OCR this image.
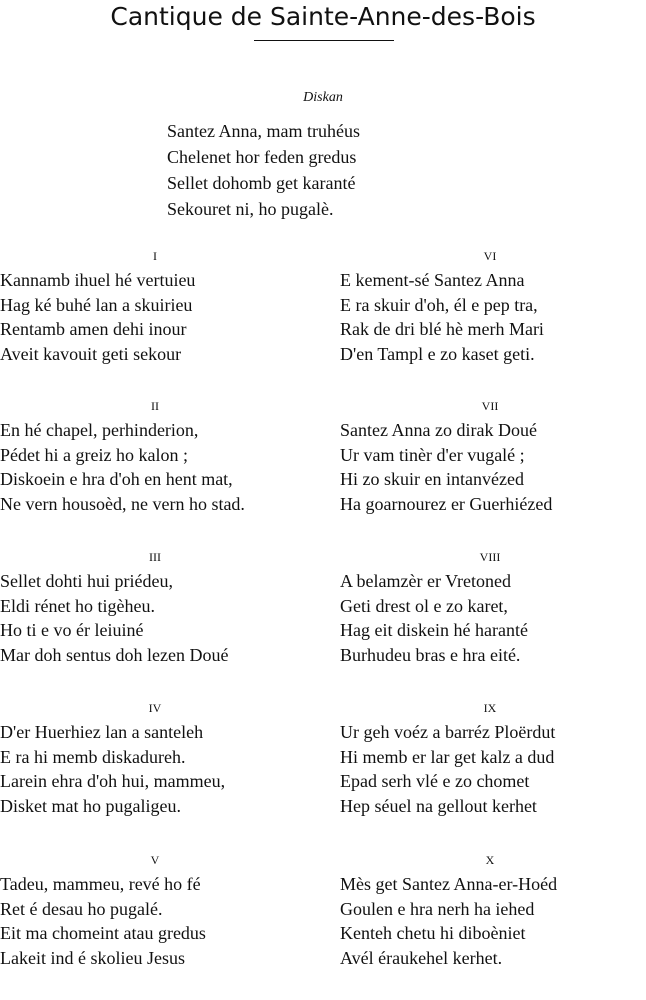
Cantique de Sainte-Anne-des-Bois
Diskan
Santez Anna, mam truhéus
Chelenet hor feden gredus
Sellet dohomb get karanté
Sekouret ni, ho pugalè.
I
Kannamb ihuel hé vertuieu
Hag ké buhé lan a skuirieu
Rentamb amen dehi inour
Aveit kavouit geti sekour
II
En hé chapel, perhinderion,
Pédet hi a greiz ho kalon ;
Diskoein e hra d'oh en hent mat,
Ne vern housoèd, ne vern ho stad.
III
Sellet dohti hui priédeu,
Eldi rénet ho tigèheu.
Ho ti e vo ér leiuiné
Mar doh sentus doh lezen Doué
IV
D'er Huerhiez lan a santeleh
E ra hi memb diskadureh.
Larein ehra d'oh hui, mammeu,
Disket mat ho pugaligeu.
V
Tadeu, mammeu, revé ho fé
Ret é desau ho pugalé.
Eit ma chomeint atau gredus
Lakeit ind é skolieu Jesus
VI
E kement-sé Santez Anna
E ra skuir d'oh, él e pep tra,
Rak de dri blé hè merh Mari
D'en Tampl e zo kaset geti.
VII
Santez Anna zo dirak Doué
Ur vam tinèr d'er vugalé ;
Hi zo skuir en intanvézed
Ha goarnourez er Guerhiézed
VIII
A belamzèr er Vretoned
Geti drest ol e zo karet,
Hag eit diskein hé haranté
Burhudeu bras e hra eité.
IX
Ur geh voéz a barréz Ploërdut
Hi memb er lar get kalz a dud
Epad serh vlé e zo chomet
Hep séuel na gellout kerhet
X
Mès get Santez Anna-er-Hoéd
Goulen e hra nerh ha iehed
Kenteh chetu hi diboèniet
Avél éraukehel kerhet.
